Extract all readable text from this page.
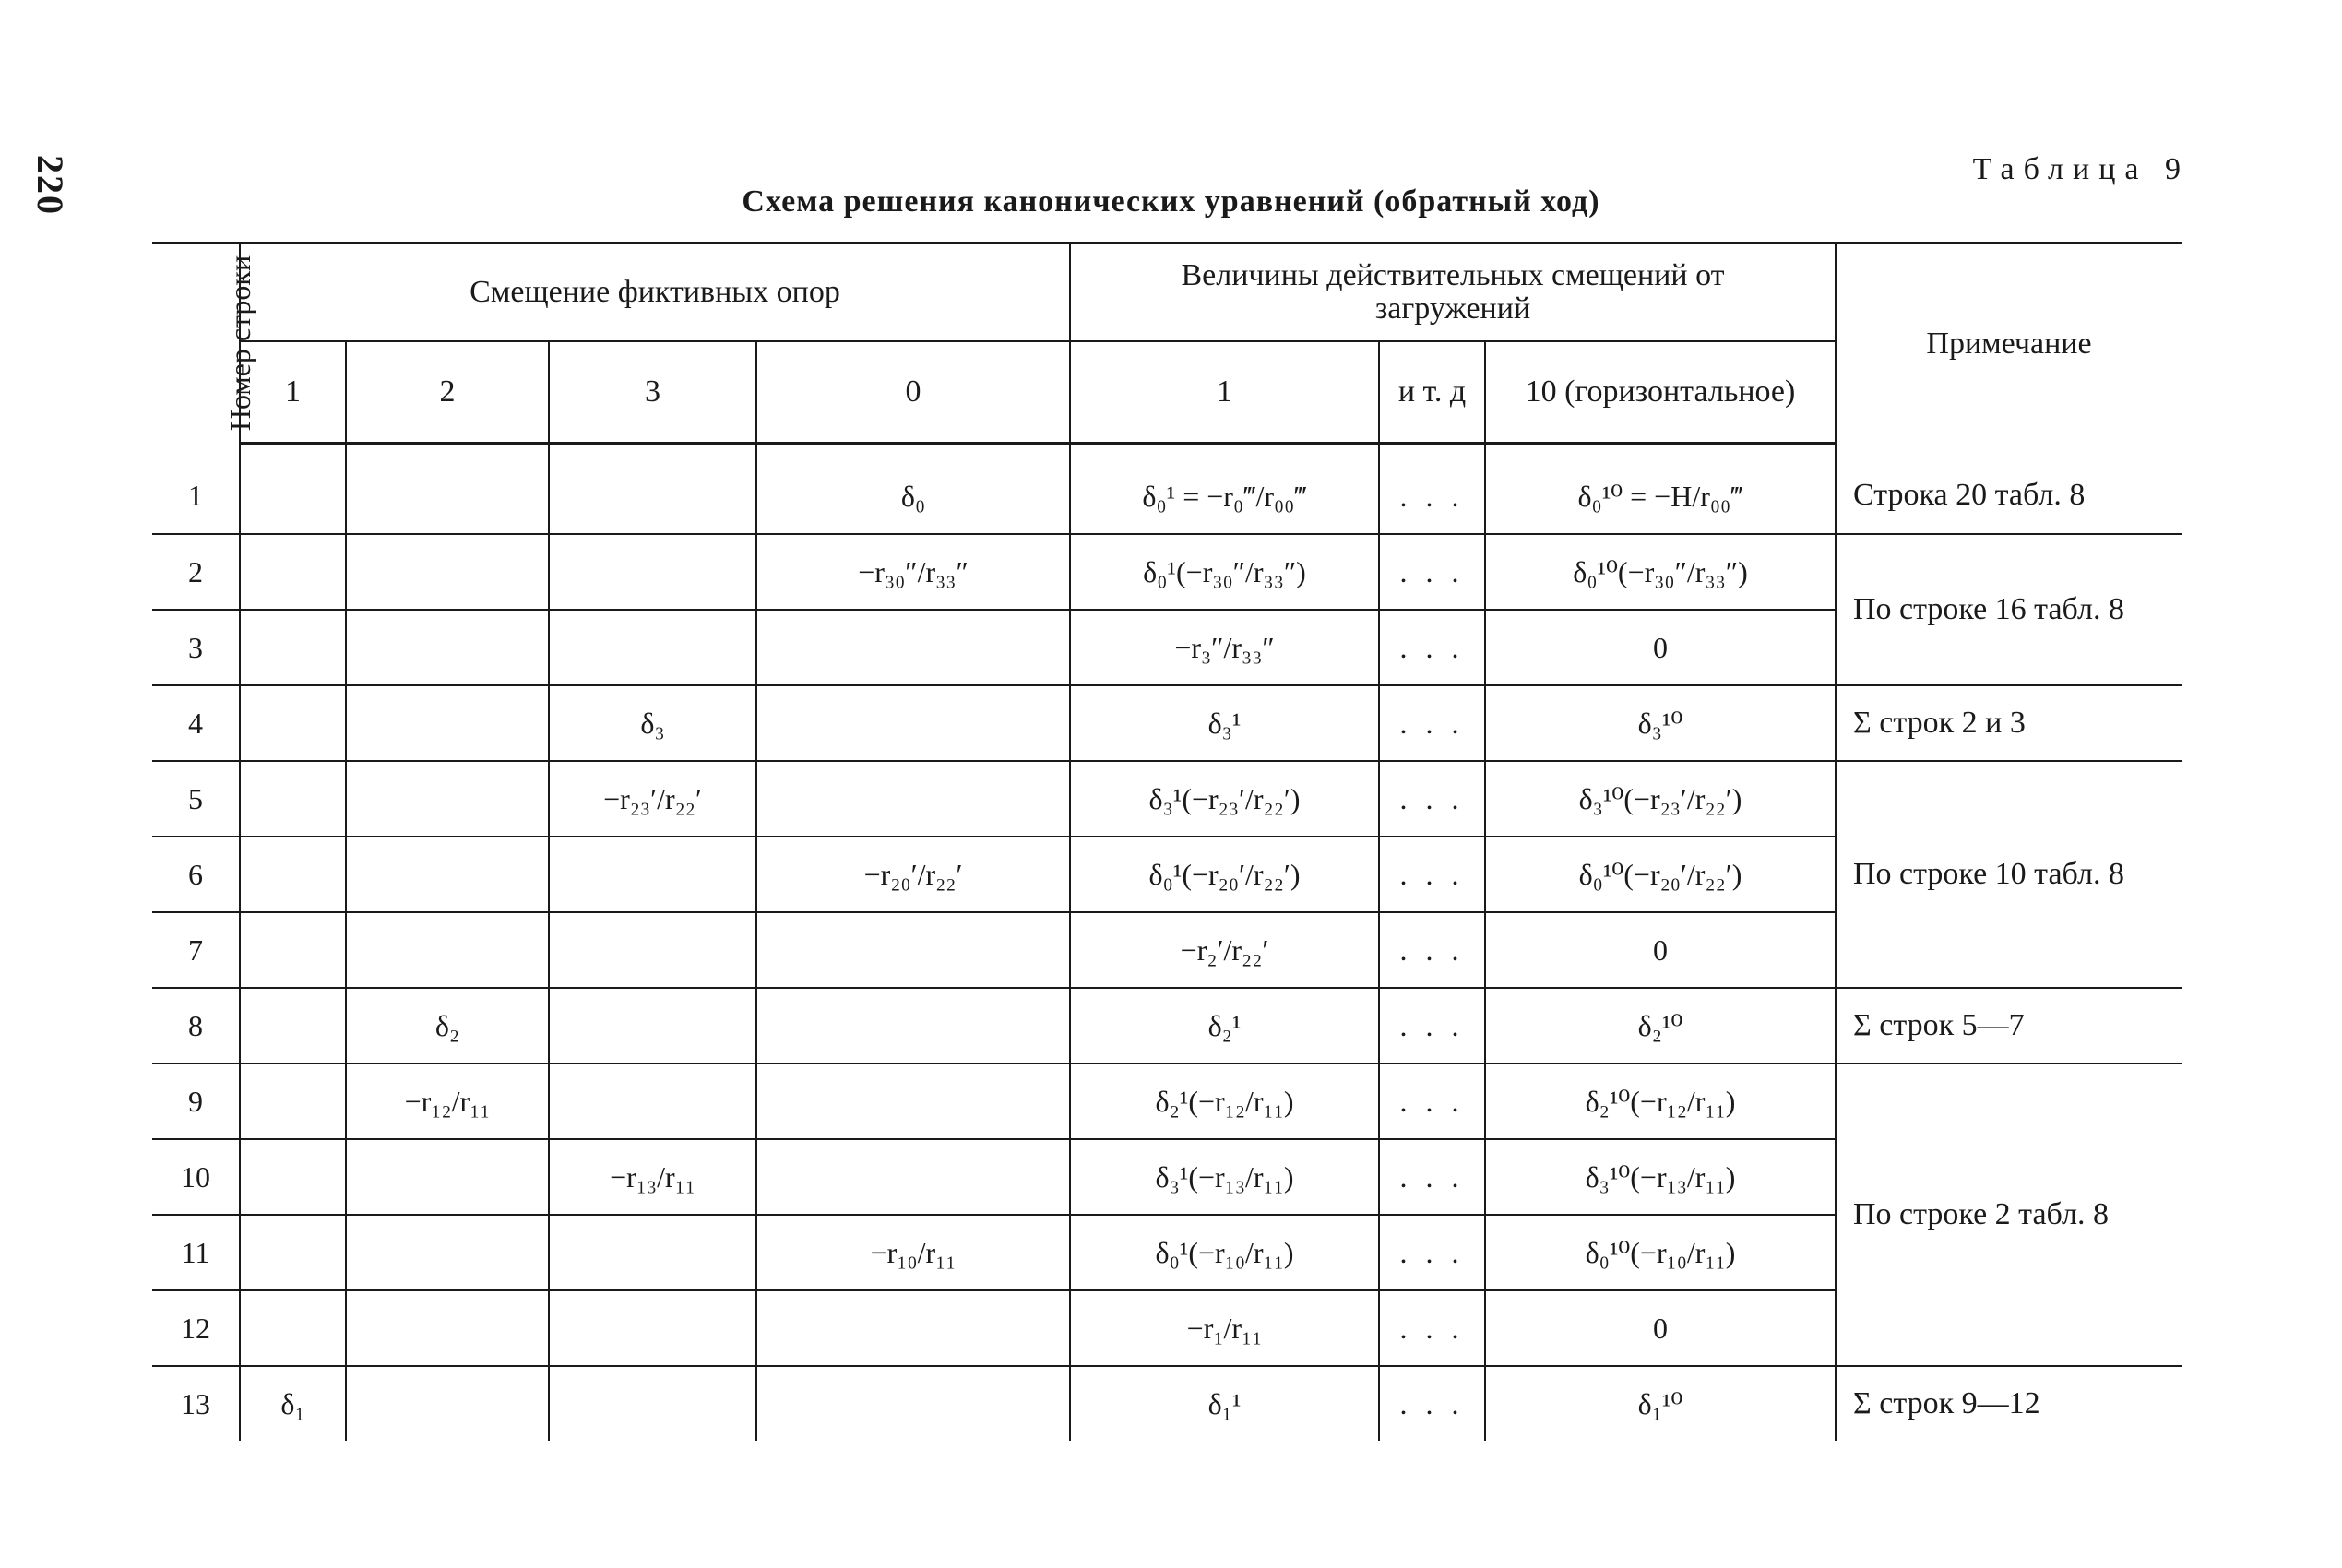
220	Таблица 9
Схема решения канонических уравнений (обратный ход)
Номер строки	Смещение фиктивных опор				Величины действительных смещений от загружений			Примечание
	1	2	3	0	1	и т. д	10 (горизонтальное)	
1				δ₀	δ₀¹ = −r₀‴/r₀₀‴	. . .	δ₀¹⁰ = −H/r₀₀‴	Строка 20 табл. 8
2				−r₃₀″/r₃₃″	δ₀¹(−r₃₀″/r₃₃″)	. . .	δ₀¹⁰(−r₃₀″/r₃₃″)	По строке 16 табл. 8
3					−r₃″/r₃₃″	. . .	0	
4			δ₃		δ₃¹	. . .	δ₃¹⁰	Σ строк 2 и 3
5			−r₂₃′/r₂₂′		δ₃¹(−r₂₃′/r₂₂′)	. . .	δ₃¹⁰(−r₂₃′/r₂₂′)	По строке 10 табл. 8
6				−r₂₀′/r₂₂′	δ₀¹(−r₂₀′/r₂₂′)	. . .	δ₀¹⁰(−r₂₀′/r₂₂′)	
7					−r₂′/r₂₂′	. . .	0	
8		δ₂			δ₂¹	. . .	δ₂¹⁰	Σ строк 5—7
9		−r₁₂/r₁₁			δ₂¹(−r₁₂/r₁₁)	. . .	δ₂¹⁰(−r₁₂/r₁₁)	По строке 2 табл. 8
10			−r₁₃/r₁₁		δ₃¹(−r₁₃/r₁₁)	. . .	δ₃¹⁰(−r₁₃/r₁₁)	
11				−r₁₀/r₁₁	δ₀¹(−r₁₀/r₁₁)	. . .	δ₀¹⁰(−r₁₀/r₁₁)	
12					−r₁/r₁₁	. . .	0	
13	δ₁				δ₁¹	. . .	δ₁¹⁰	Σ строк 9—12
